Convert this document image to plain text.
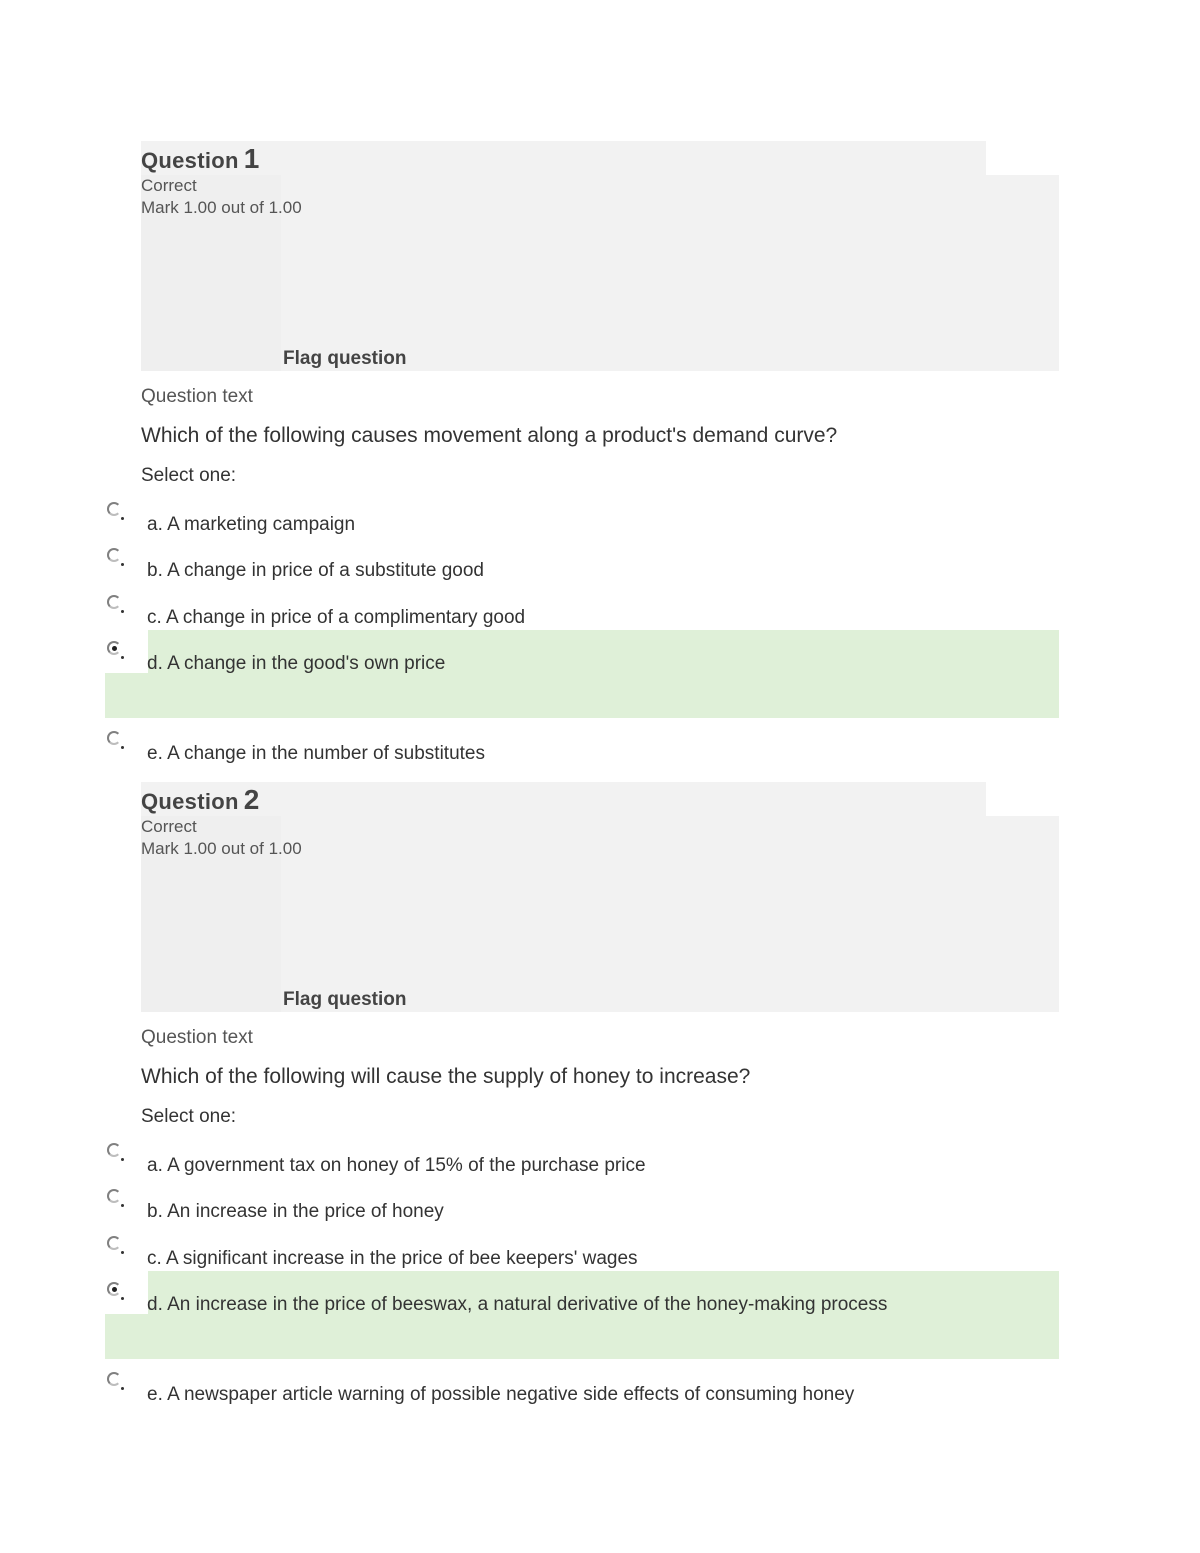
Question 1
Correct
Mark 1.00 out of 1.00
Flag question
Question text
Which of the following causes movement along a product's demand curve?
Select one:
a. A marketing campaign
b. A change in price of a substitute good
c. A change in price of a complimentary good
d. A change in the good's own price
e. A change in the number of substitutes
Question 2
Correct
Mark 1.00 out of 1.00
Flag question
Question text
Which of the following will cause the supply of honey to increase?
Select one:
a. A government tax on honey of 15% of the purchase price
b. An increase in the price of honey
c. A significant increase in the price of bee keepers' wages
d. An increase in the price of beeswax, a natural derivative of the honey-making process
e. A newspaper article warning of possible negative side effects of consuming honey
